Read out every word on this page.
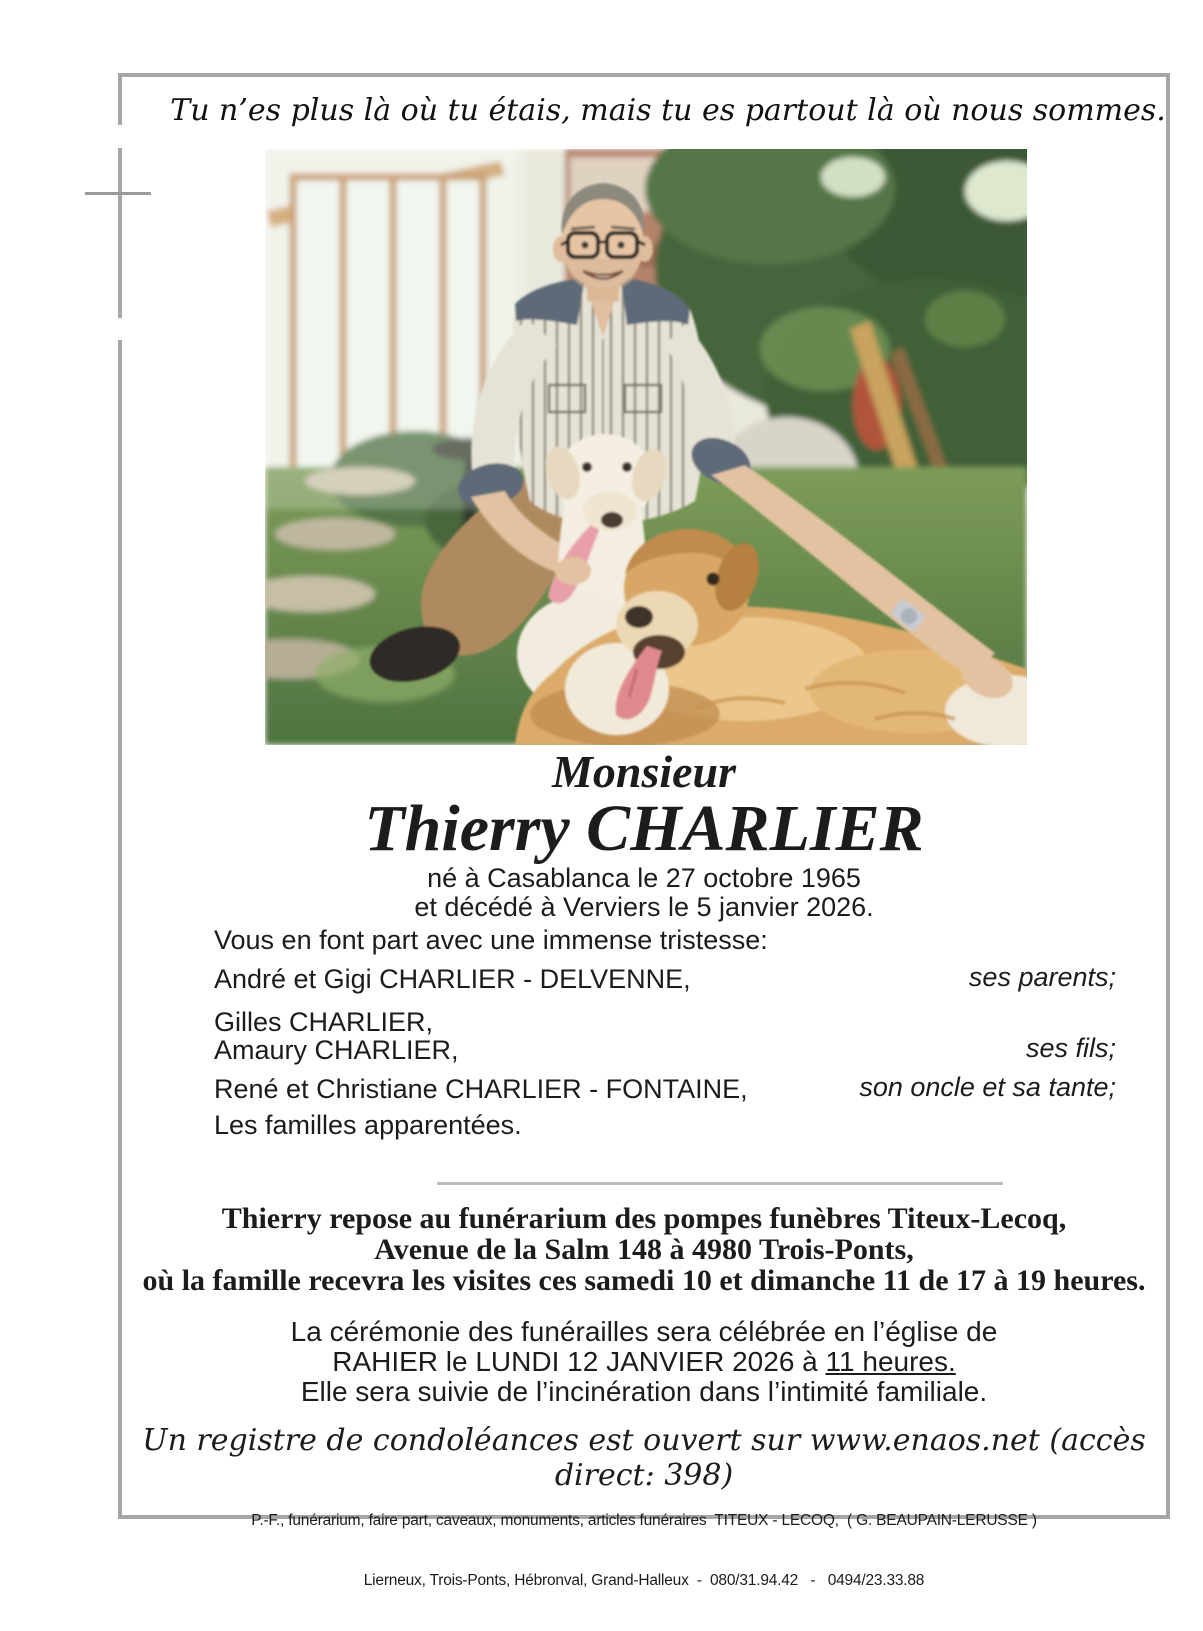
Tu n’es plus là où tu étais, mais tu es partout là où nous sommes.
Monsieur
Thierry CHARLIER
né à Casablanca le 27 octobre 1965
et décédé à Verviers le 5 janvier 2026.
Vous en font part avec une immense tristesse:
André et Gigi CHARLIER - DELVENNE,	ses parents;
Gilles CHARLIER,
Amaury CHARLIER,	ses fils;
René et Christiane CHARLIER - FONTAINE,	son oncle et sa tante;
Les familles apparentées.
Thierry repose au funérarium des pompes funèbres Titeux-Lecoq,
Avenue de la Salm 148 à 4980 Trois-Ponts,
où la famille recevra les visites ces samedi 10 et dimanche 11 de 17 à 19 heures.
La cérémonie des funérailles sera célébrée en l’église de
RAHIER le LUNDI 12 JANVIER 2026 à 11 heures.
Elle sera suivie de l’incinération dans l’intimité familiale.
Un registre de condoléances est ouvert sur www.enaos.net (accès direct: 398)

P.-F., funérarium, faire part, caveaux, monuments, articles funéraires  TITEUX - LECOQ,  ( G. BEAUPAIN-LERUSSE )

Lierneux, Trois-Ponts, Hébronval, Grand-Halleux  -  080/31.94.42   -   0494/23.33.88
